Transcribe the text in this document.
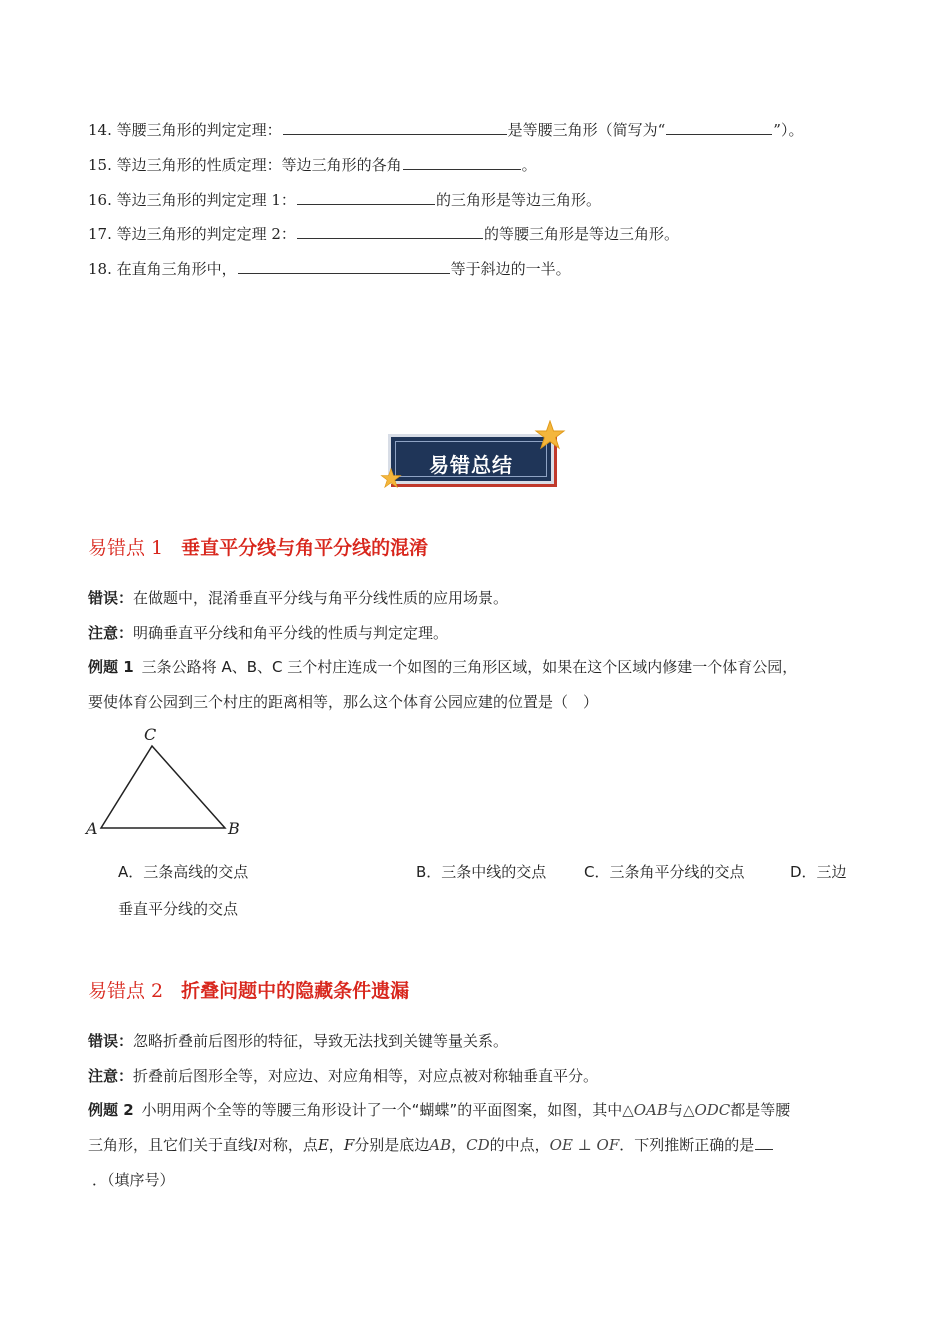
14. 等腰三角形的判定定理：	是等腰三角形（简写为“	”）。
15. 等边三角形的性质定理：等边三角形的各角	。
16. 等边三角形的判定定理 1：	的三角形是等边三角形。
17. 等边三角形的判定定理 2：	的等腰三角形是等边三角形。
18. 在直角三角形中，	等于斜边的一半。
易错总结
易错点 1 垂直平分线与角平分线的混淆
错误：在做题中，混淆垂直平分线与角平分线性质的应用场景。
注意：明确垂直平分线和角平分线的性质与判定定理。
例题 1 三条公路将 A、B、C 三个村庄连成一个如图的三角形区域，如果在这个区域内修建一个体育公园，
要使体育公园到三个村庄的距离相等，那么这个体育公园应建的位置是（　）
C
A	B
A．三条高线的交点	B．三条中线的交点	C．三条角平分线的交点	D．三边
垂直平分线的交点
易错点 2 折叠问题中的隐藏条件遗漏
错误：忽略折叠前后图形的特征，导致无法找到关键等量关系。
注意：折叠前后图形全等，对应边、对应角相等，对应点被对称轴垂直平分。
例题 2 小明用两个全等的等腰三角形设计了一个“蝴蝶”的平面图案，如图，其中△OAB与△ODC都是等腰
三角形，且它们关于直线l对称，点E，F分别是底边AB，CD的中点，OE ⊥ OF．下列推断正确的是
．（填序号）
